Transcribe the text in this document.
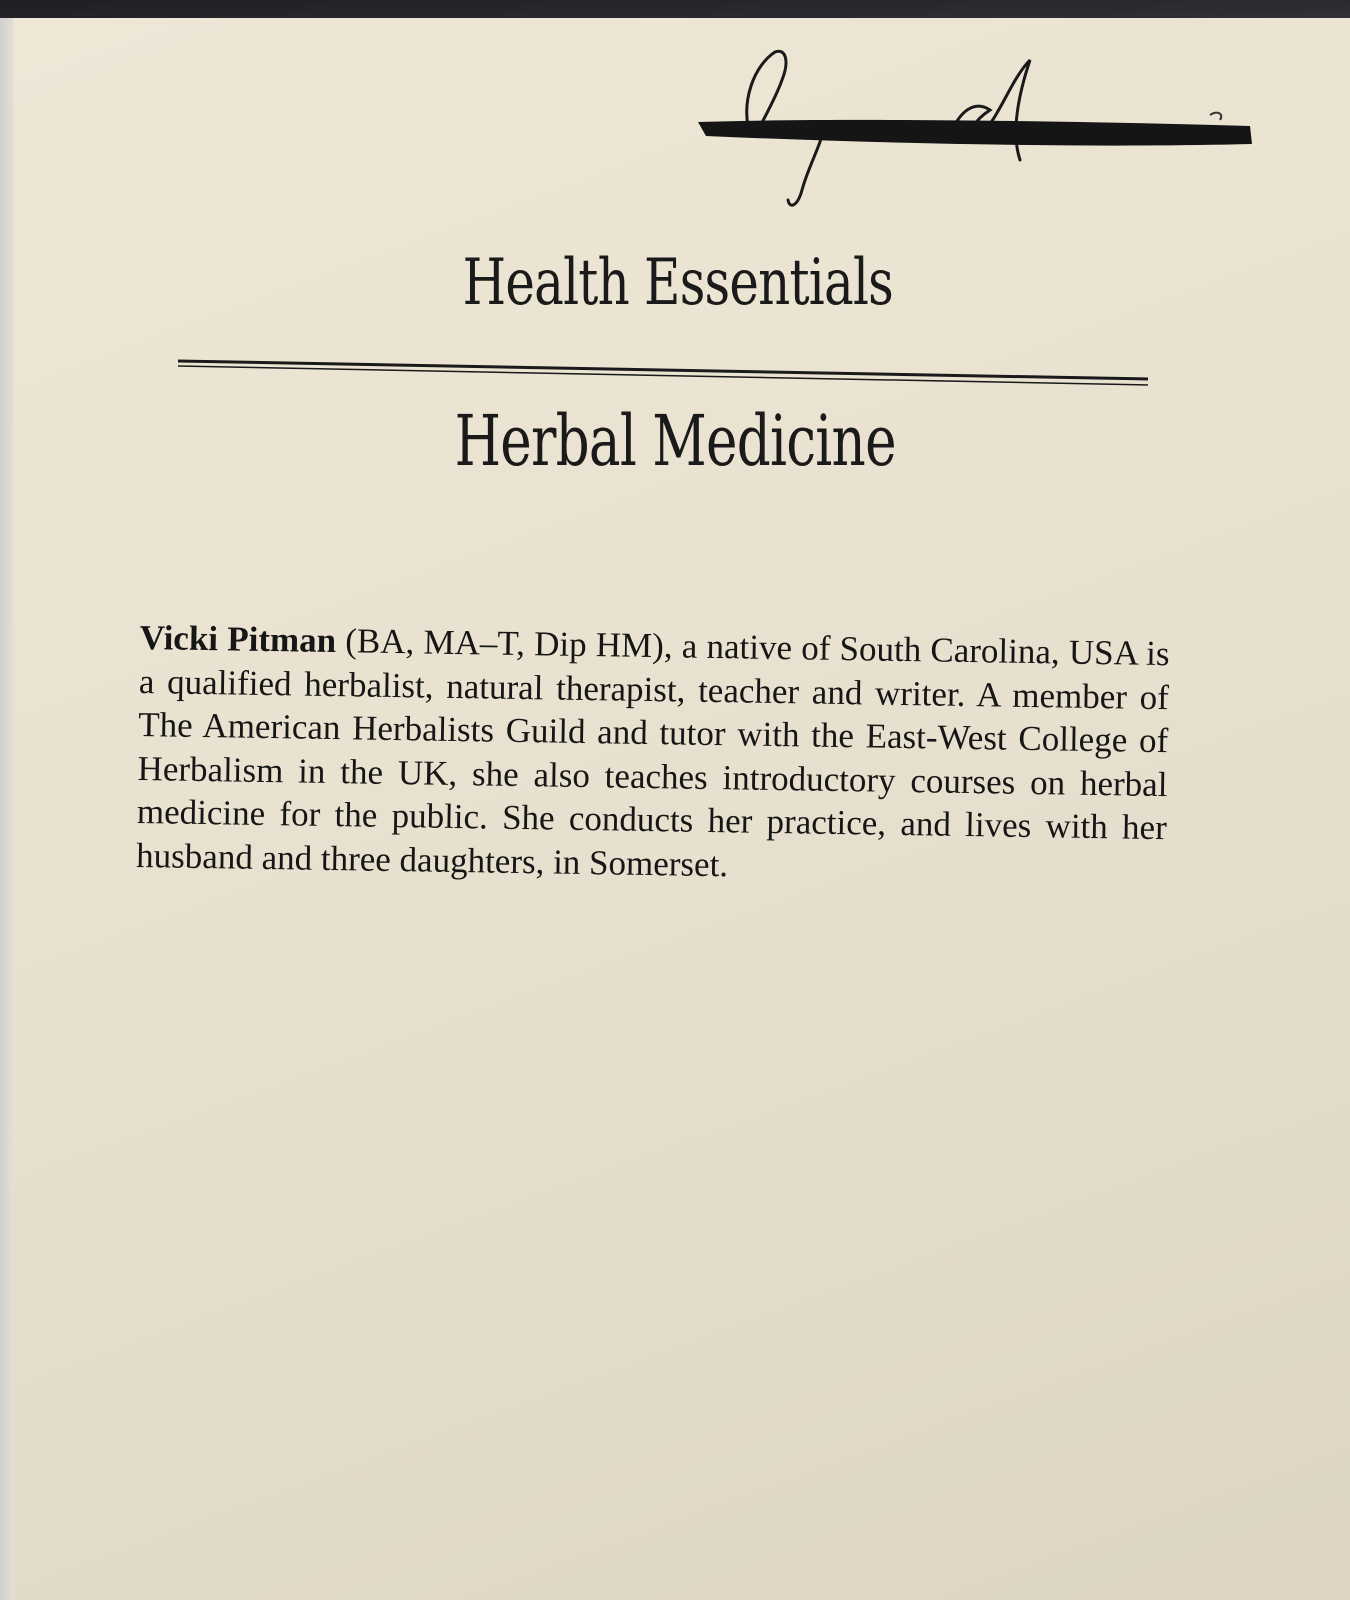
Health Essentials
Herbal Medicine
Vicki Pitman (BA, MA–T, Dip HM), a native of South Carolina, USA is a qualified herbalist, natural therapist, teacher and writer. A member of The American Herbalists Guild and tutor with the East-West College of Herbalism in the UK, she also teaches introductory courses on herbal medicine for the public. She conducts her practice, and lives with her husband and three daughters, in Somerset.
